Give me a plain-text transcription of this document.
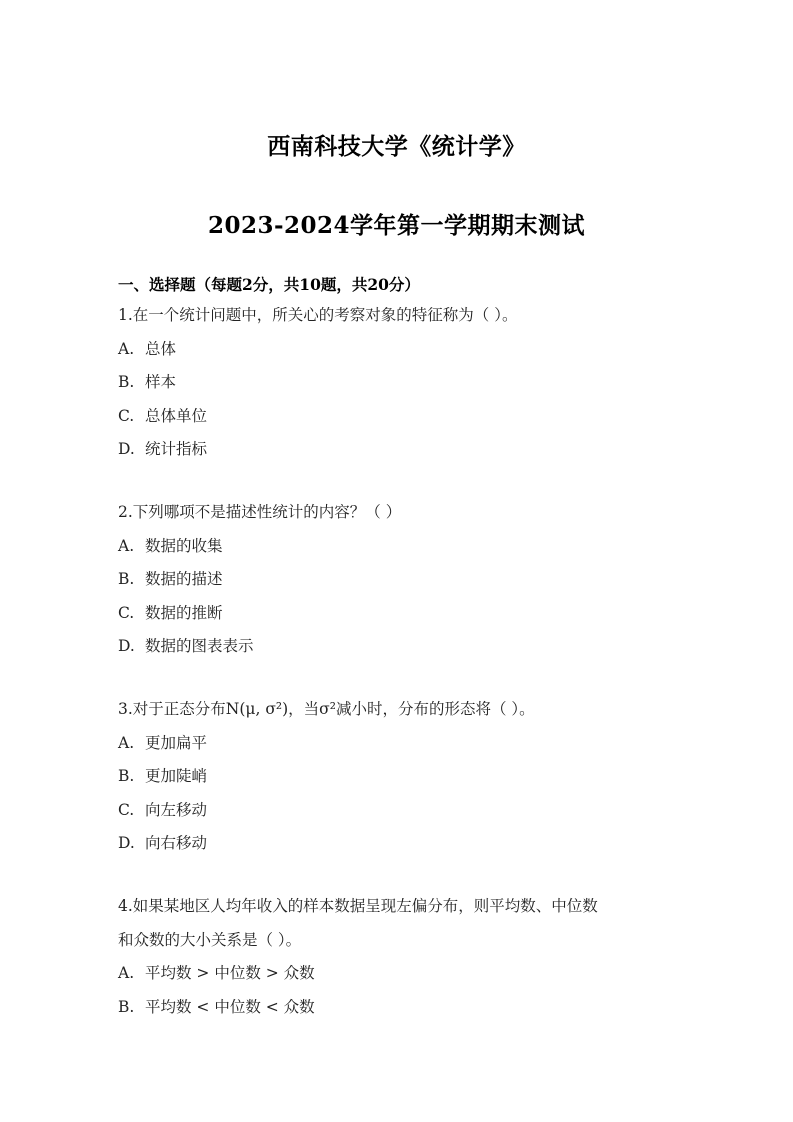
西南科技大学《统计学》
2023-2024学年第一学期期末测试
一、选择题（每题2分，共10题，共20分）
1.在一个统计问题中，所关心的考察对象的特征称为（ ）。
A. 总体
B. 样本
C. 总体单位
D. 统计指标
2.下列哪项不是描述性统计的内容？（ ）
A. 数据的收集
B. 数据的描述
C. 数据的推断
D. 数据的图表表示
3.对于正态分布N(μ, σ²)，当σ²减小时，分布的形态将（ ）。
A. 更加扁平
B. 更加陡峭
C. 向左移动
D. 向右移动
4.如果某地区人均年收入的样本数据呈现左偏分布，则平均数、中位数
和众数的大小关系是（ ）。
A. 平均数 > 中位数 > 众数
B. 平均数 < 中位数 < 众数
